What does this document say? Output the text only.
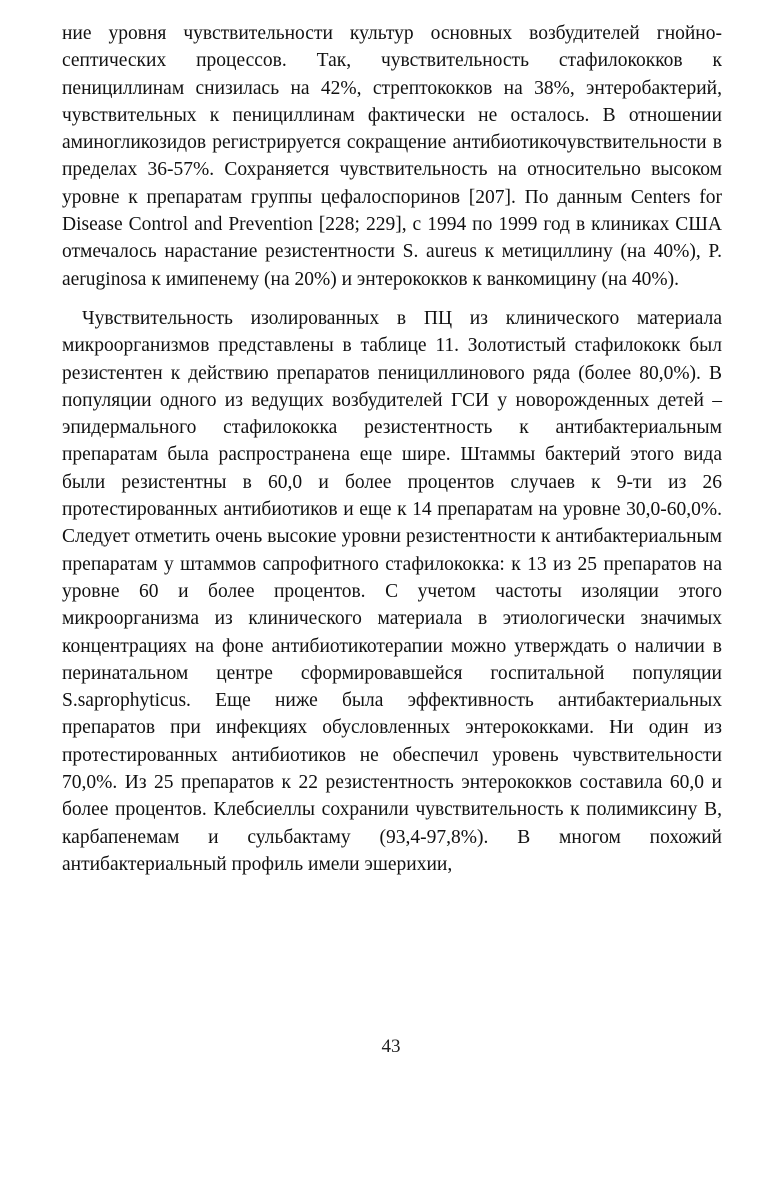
ние уровня чувствительности культур основных возбудителей гнойно-септических процессов. Так, чувствительность стафилококков к пенициллинам снизилась на 42%, стрептококков на 38%, энтеробактерий, чувствительных к пенициллинам фактически не осталось. В отношении аминогликозидов регистрируется сокращение антибиотикочувствительности в пределах 36-57%. Сохраняется чувствительность на относительно высоком уровне к препаратам группы цефалоспоринов [207]. По данным Centers for Disease Control and Prevention [228; 229], с 1994 по 1999 год в клиниках США отмечалось нарастание резистентности S. aureus к метициллину (на 40%), P. aeruginosa к имипенему (на 20%) и энтерококков к ванкомицину (на 40%).

Чувствительность изолированных в ПЦ из клинического материала микроорганизмов представлены в таблице 11. Золотистый стафилококк был резистентен к действию препаратов пенициллинового ряда (более 80,0%). В популяции одного из ведущих возбудителей ГСИ у новорожденных детей – эпидермального стафилококка резистентность к антибактериальным препаратам была распространена еще шире. Штаммы бактерий этого вида были резистентны в 60,0 и более процентов случаев к 9-ти из 26 протестированных антибиотиков и еще к 14 препаратам на уровне 30,0-60,0%. Следует отметить очень высокие уровни резистентности к антибактериальным препаратам у штаммов сапрофитного стафилококка: к 13 из 25 препаратов на уровне 60 и более процентов. С учетом частоты изоляции этого микроорганизма из клинического материала в этиологически значимых концентрациях на фоне антибиотикотерапии можно утверждать о наличии в перинатальном центре сформировавшейся госпитальной популяции S.saprophyticus. Еще ниже была эффективность антибактериальных препаратов при инфекциях обусловленных энтерококками. Ни один из протестированных антибиотиков не обеспечил уровень чувствительности 70,0%. Из 25 препаратов к 22 резистентность энтерококков составила 60,0 и более процентов. Клебсиеллы сохранили чувствительность к полимиксину В, карбапенемам и сульбактаму (93,4-97,8%). В многом похожий антибактериальный профиль имели эшерихии,

43
